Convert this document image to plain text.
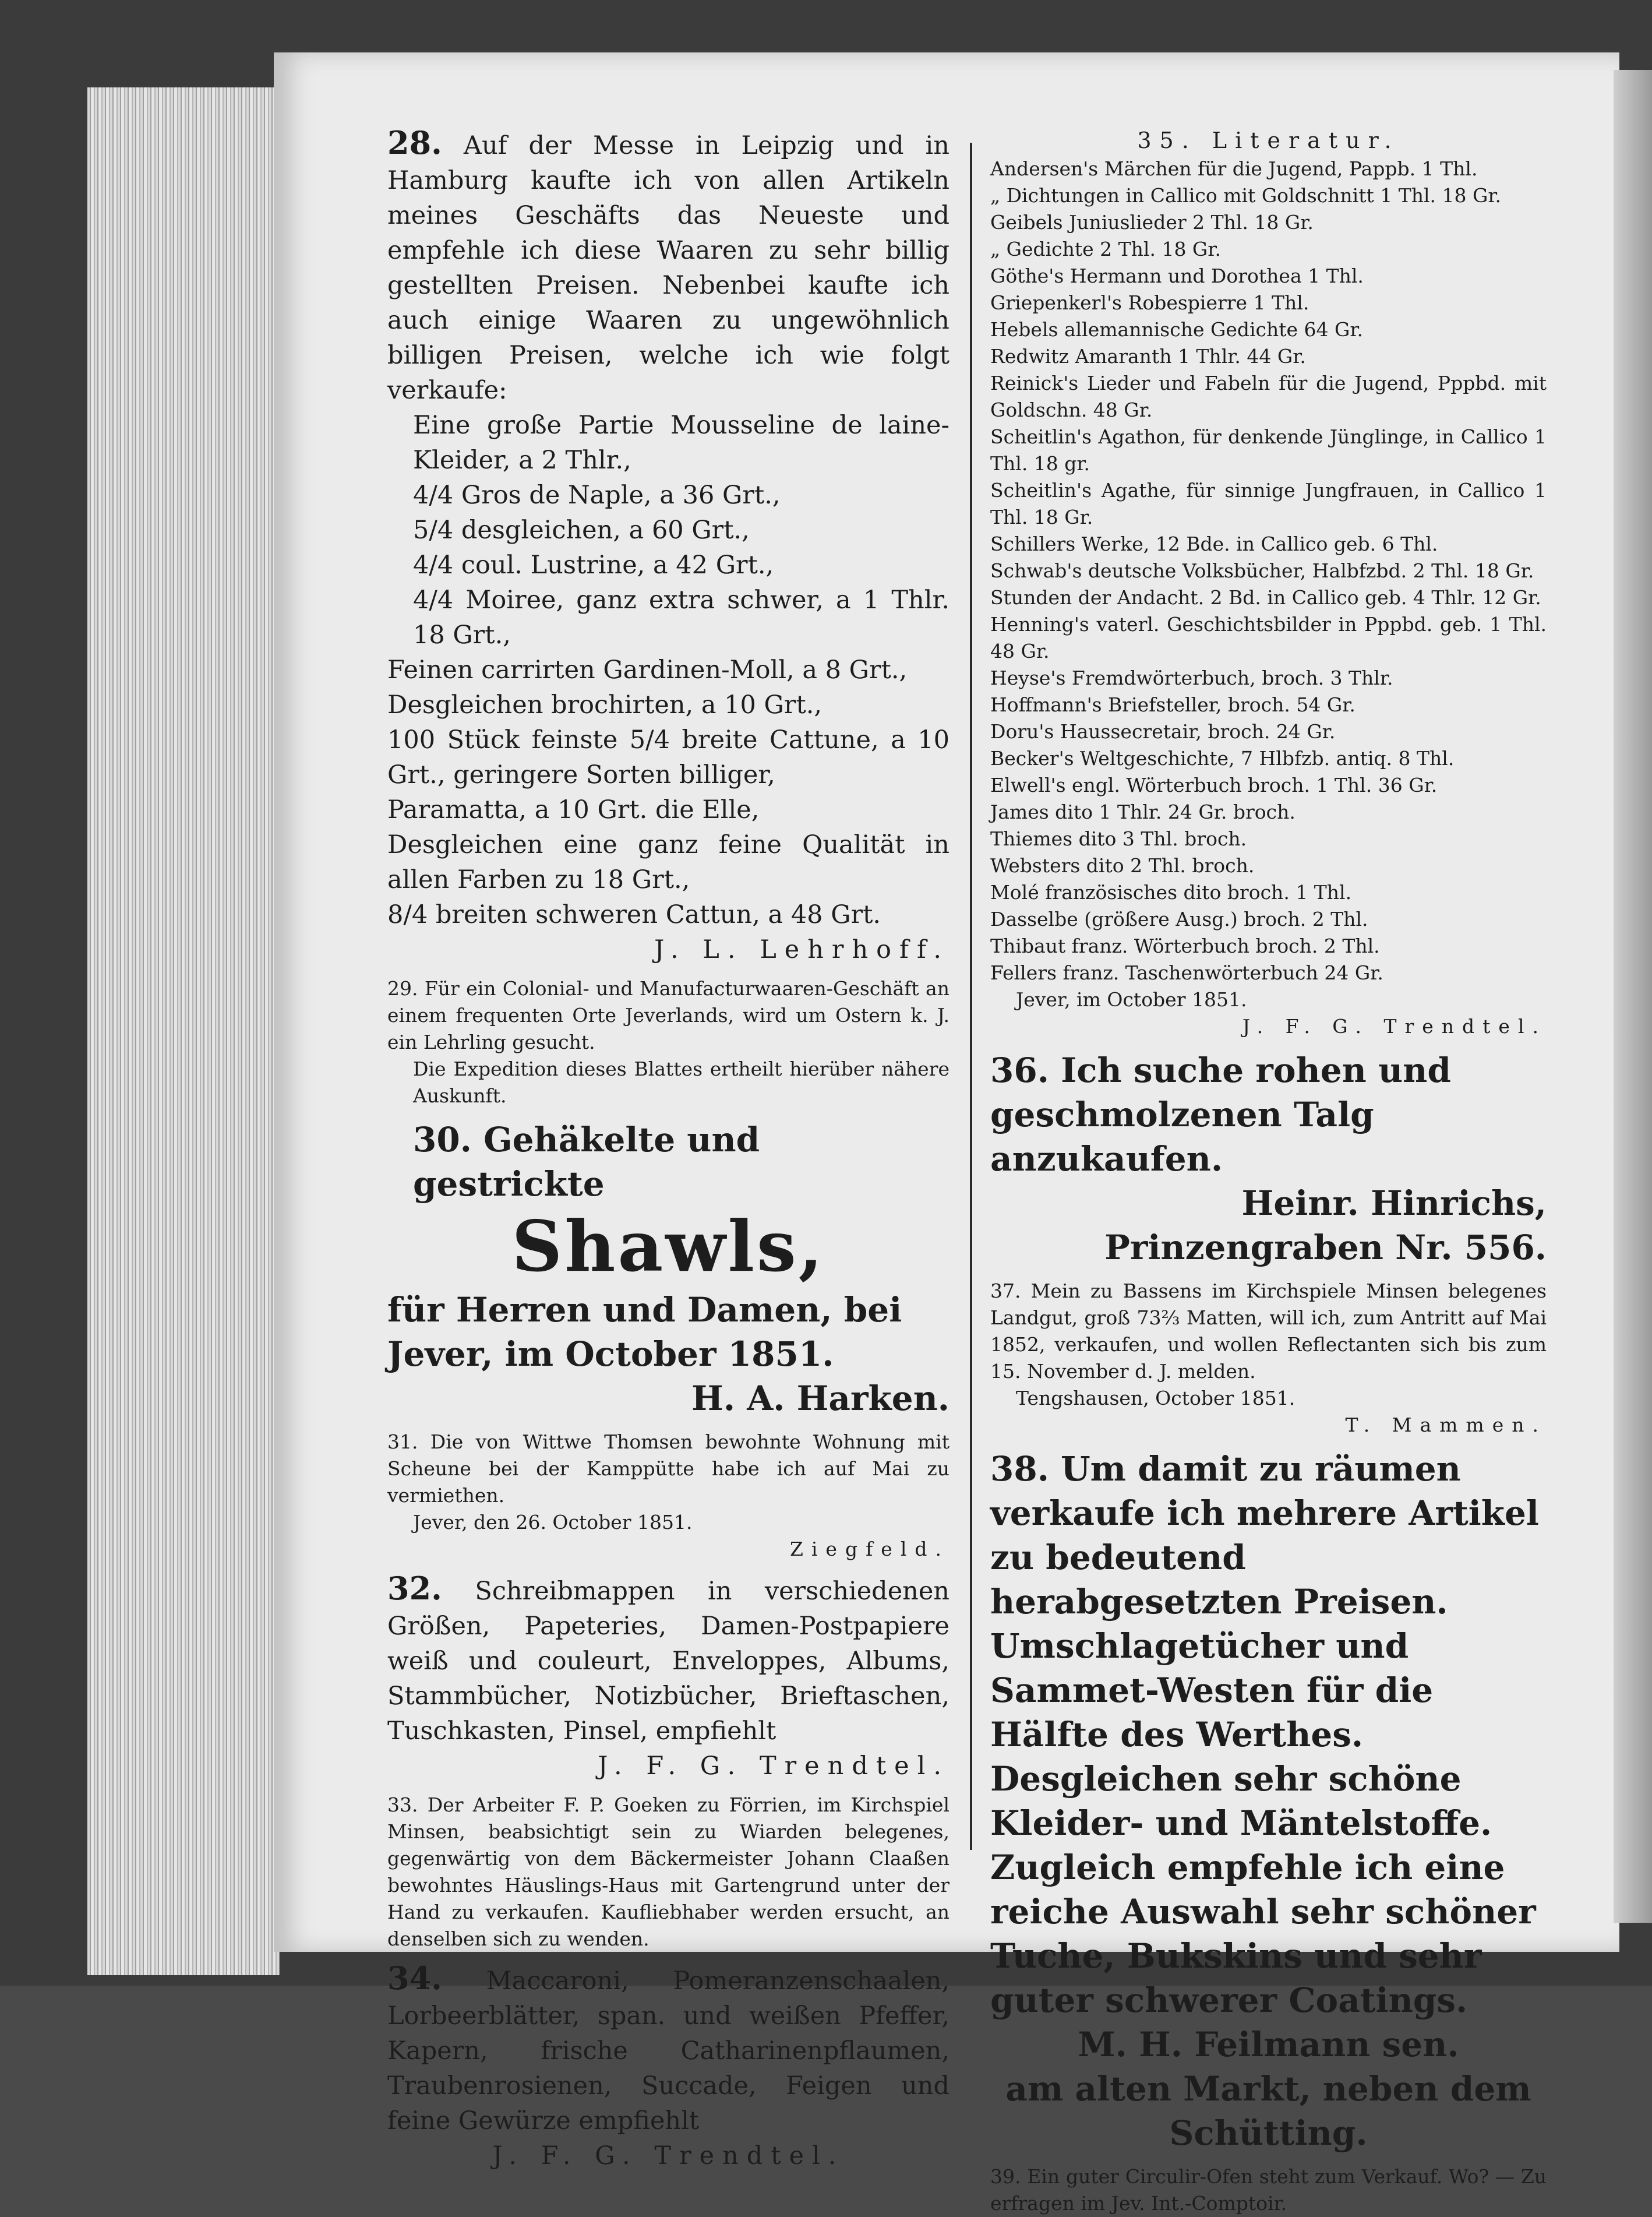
28. Auf der Messe in Leipzig und in Hamburg kaufte ich von allen Artikeln meines Geschäfts das Neueste und empfehle ich diese Waaren zu sehr billig gestellten Preisen. Nebenbei kaufte ich auch einige Waaren zu ungewöhnlich billigen Preisen, welche ich wie folgt verkaufe:

Eine große Partie Mousseline de laine-Kleider, a 2 Thlr.,

4/4 Gros de Naple, a 36 Grt.,

5/4 desgleichen, a 60 Grt.,

4/4 coul. Lustrine, a 42 Grt.,

4/4 Moiree, ganz extra schwer, a 1 Thlr. 18 Grt.,

Feinen carrirten Gardinen-Moll, a 8 Grt.,

Desgleichen brochirten, a 10 Grt.,

100 Stück feinste 5/4 breite Cattune, a 10 Grt., geringere Sorten billiger,

Paramatta, a 10 Grt. die Elle,

Desgleichen eine ganz feine Qualität in allen Farben zu 18 Grt.,

8/4 breiten schweren Cattun, a 48 Grt.

J. L. Lehrhoff.

29. Für ein Colonial- und Manufacturwaaren-Geschäft an einem frequenten Orte Jeverlands, wird um Ostern k. J. ein Lehrling gesucht.

Die Expedition dieses Blattes ertheilt hierüber nähere Auskunft.

30. Gehäkelte und gestrickte

Shawls,

für Herren und Damen, bei

Jever, im October 1851.

H. A. Harken.

31. Die von Wittwe Thomsen bewohnte Wohnung mit Scheune bei der Kamppütte habe ich auf Mai zu vermiethen.

Jever, den 26. October 1851.

Ziegfeld.

32. Schreibmappen in verschiedenen Größen, Papeteries, Damen-Postpapiere weiß und couleurt, Enveloppes, Albums, Stammbücher, Notizbücher, Brieftaschen, Tuschkasten, Pinsel, empfiehlt

J. F. G. Trendtel.

33. Der Arbeiter F. P. Goeken zu Förrien, im Kirchspiel Minsen, beabsichtigt sein zu Wiarden belegenes, gegenwärtig von dem Bäckermeister Johann Claaßen bewohntes Häuslings-Haus mit Gartengrund unter der Hand zu verkaufen. Kaufliebhaber werden ersucht, an denselben sich zu wenden.

34. Maccaroni, Pomeranzenschaalen, Lorbeerblätter, span. und weißen Pfeffer, Kapern, frische Catharinenpflaumen, Traubenrosienen, Succade, Feigen und feine Gewürze empfiehlt

J. F. G. Trendtel.

35. Literatur.

Andersen's Märchen für die Jugend, Pappb. 1 Thl.

„ Dichtungen in Callico mit Goldschnitt 1 Thl. 18 Gr.

Geibels Juniuslieder 2 Thl. 18 Gr.

„ Gedichte 2 Thl. 18 Gr.

Göthe's Hermann und Dorothea 1 Thl.

Griepenkerl's Robespierre 1 Thl.

Hebels allemannische Gedichte 64 Gr.

Redwitz Amaranth 1 Thlr. 44 Gr.

Reinick's Lieder und Fabeln für die Jugend, Pppbd. mit Goldschn. 48 Gr.

Scheitlin's Agathon, für denkende Jünglinge, in Callico 1 Thl. 18 gr.

Scheitlin's Agathe, für sinnige Jungfrauen, in Callico 1 Thl. 18 Gr.

Schillers Werke, 12 Bde. in Callico geb. 6 Thl.

Schwab's deutsche Volksbücher, Halbfzbd. 2 Thl. 18 Gr.

Stunden der Andacht. 2 Bd. in Callico geb. 4 Thlr. 12 Gr.

Henning's vaterl. Geschichtsbilder in Pppbd. geb. 1 Thl. 48 Gr.

Heyse's Fremdwörterbuch, broch. 3 Thlr.

Hoffmann's Briefsteller, broch. 54 Gr.

Doru's Haussecretair, broch. 24 Gr.

Becker's Weltgeschichte, 7 Hlbfzb. antiq. 8 Thl.

Elwell's engl. Wörterbuch broch. 1 Thl. 36 Gr.

James dito 1 Thlr. 24 Gr. broch.

Thiemes dito 3 Thl. broch.

Websters dito 2 Thl. broch.

Molé französisches dito broch. 1 Thl.

Dasselbe (größere Ausg.) broch. 2 Thl.

Thibaut franz. Wörterbuch broch. 2 Thl.

Fellers franz. Taschenwörterbuch 24 Gr.

Jever, im October 1851.

J. F. G. Trendtel.

36. Ich suche rohen und geschmolzenen Talg anzukaufen.

Heinr. Hinrichs,

Prinzengraben Nr. 556.

37. Mein zu Bassens im Kirchspiele Minsen belegenes Landgut, groß 73⅔ Matten, will ich, zum Antritt auf Mai 1852, verkaufen, und wollen Reflectanten sich bis zum 15. November d. J. melden.

Tengshausen, October 1851.

T. Mammen.

38. Um damit zu räumen verkaufe ich mehrere Artikel zu bedeutend herabgesetzten Preisen.

Umschlagetücher und Sammet-Westen für die Hälfte des Werthes. Desgleichen sehr schöne Kleider- und Mäntelstoffe.

Zugleich empfehle ich eine reiche Auswahl sehr schöner Tuche, Bukskins und sehr guter schwerer Coatings.

M. H. Feilmann sen.

am alten Markt, neben dem Schütting.

39. Ein guter Circulir-Ofen steht zum Verkauf. Wo? — Zu erfragen im Jev. Int.-Comptoir.
